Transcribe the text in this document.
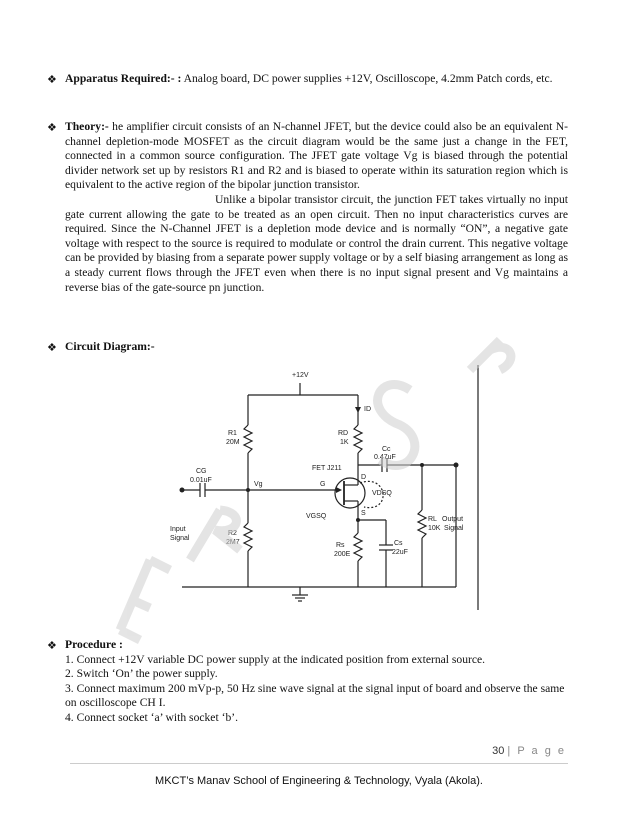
❖ Apparatus Required:- : Analog board, DC power supplies +12V, Oscilloscope, 4.2mm Patch cords, etc.
❖ Theory:- he amplifier circuit consists of an N-channel JFET, but the device could also be an equivalent N-channel depletion-mode MOSFET as the circuit diagram would be the same just a change in the FET, connected in a common source configuration. The JFET gate voltage Vg is biased through the potential divider network set up by resistors R1 and R2 and is biased to operate within its saturation region which is equivalent to the active region of the bipolar junction transistor.
Unlike a bipolar transistor circuit, the junction FET takes virtually no input gate current allowing the gate to be treated as an open circuit. Then no input characteristics curves are required. Since the N-Channel JFET is a depletion mode device and is normally “ON”, a negative gate voltage with respect to the source is required to modulate or control the drain current. This negative voltage can be provided by biasing from a separate power supply voltage or by a self biasing arrangement as long as a steady current flows through the JFET even when there is no input signal present and Vg maintains a reverse bias of the gate-source pn junction.
❖ Circuit Diagram:-
+12V
ID
R1
20M
RD
1K
Cc
0.47uF
CG
0.01uF
Vg
FET J211
D
G
S
VDSQ
VGSQ
R2
2M7	Rs
200E
Cs
22uF
RL
10K
Input
Signal
Output
Signal
❖ Procedure :
1. Connect +12V variable DC power supply at the indicated position from external source.
2. Switch ‘On’ the power supply.
3. Connect maximum 200 mVp-p, 50 Hz sine wave signal at the signal input of board and observe the same on oscilloscope CH I.
4. Connect socket ‘a’ with socket ‘b’.
30 | P a g e
MKCT’s Manav School of Engineering & Technology, Vyala (Akola).
